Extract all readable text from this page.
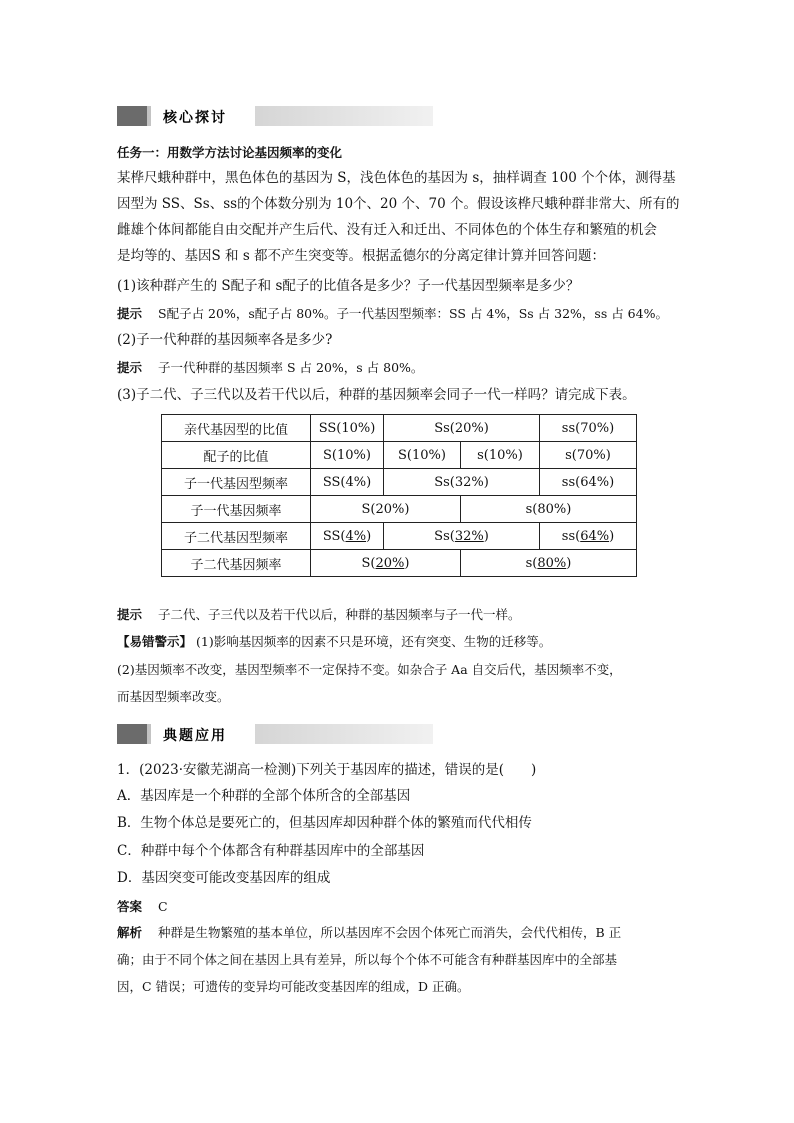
核心探讨
任务一：用数学方法讨论基因频率的变化
某桦尺蛾种群中，黑色体色的基因为 S，浅色体色的基因为 s，抽样调查 100 个个体，测得基
因型为 SS、Ss、ss的个体数分别为 10个、20 个、70 个。假设该桦尺蛾种群非常大、所有的
雌雄个体间都能自由交配并产生后代、没有迁入和迁出、不同体色的个体生存和繁殖的机会
是均等的、基因S 和 s 都不产生突变等。根据孟德尔的分离定律计算并回答问题：
(1)该种群产生的 S配子和 s配子的比值各是多少？子一代基因型频率是多少？
提示 S配子占 20%，s配子占 80%。子一代基因型频率：SS 占 4%，Ss 占 32%，ss 占 64%。
(2)子一代种群的基因频率各是多少?
提示 子一代种群的基因频率 S 占 20%，s 占 80%。
(3)子二代、子三代以及若干代以后，种群的基因频率会同子一代一样吗？请完成下表。
亲代基因型的比值	SS(10%)	Ss(20%)		ss(70%)
配子的比值	S(10%)	S(10%)	s(10%)	s(70%)
子一代基因型频率	SS(4%)	Ss(32%)		ss(64%)
子一代基因频率	S(20%)		s(80%)	
子二代基因型频率	SS(4%)	Ss(32%)		ss(64%)
子二代基因频率	S(20%)		s(80%)	
提示 子二代、子三代以及若干代以后，种群的基因频率与子一代一样。
【易错警示】 (1)影响基因频率的因素不只是环境，还有突变、生物的迁移等。
(2)基因频率不改变，基因型频率不一定保持不变。如杂合子 Aa 自交后代，基因频率不变，
而基因型频率改变。
典题应用
1．(2023·安徽芜湖高一检测)下列关于基因库的描述，错误的是(　　)
A．基因库是一个种群的全部个体所含的全部基因
B．生物个体总是要死亡的，但基因库却因种群个体的繁殖而代代相传
C．种群中每个个体都含有种群基因库中的全部基因
D．基因突变可能改变基因库的组成
答案 C
解析 种群是生物繁殖的基本单位，所以基因库不会因个体死亡而消失，会代代相传，B 正
确；由于不同个体之间在基因上具有差异，所以每个个体不可能含有种群基因库中的全部基
因，C 错误；可遗传的变异均可能改变基因库的组成，D 正确。
